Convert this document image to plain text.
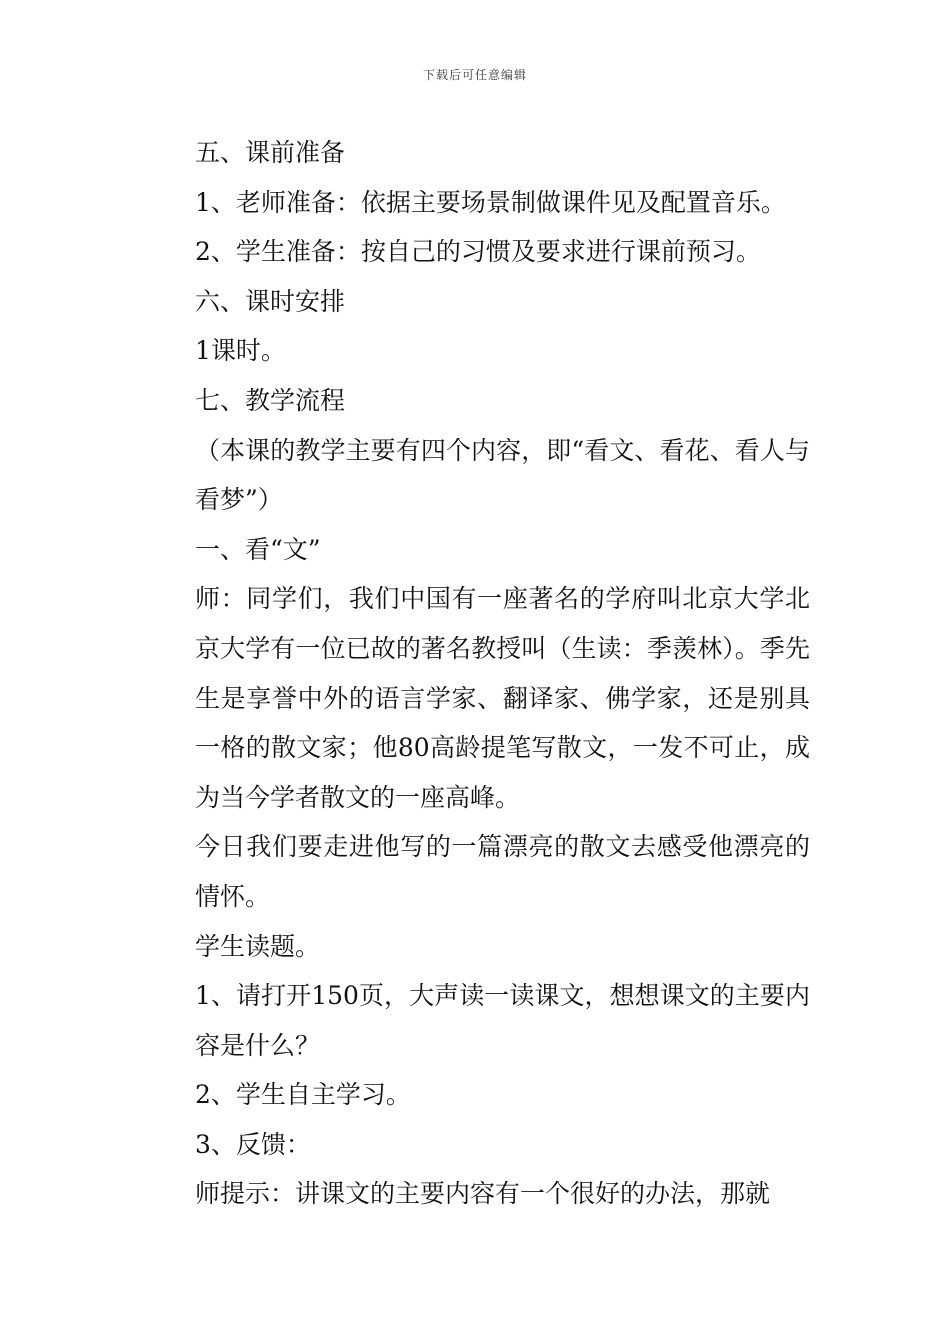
下载后可任意编辑

五、课前准备

1、老师准备：依据主要场景制做课件见及配置音乐。

2、学生准备：按自己的习惯及要求进行课前预习。

六、课时安排

1课时。

七、教学流程

（本课的教学主要有四个内容，即“看文、看花、看人与看梦”）

一、看“文”

师：同学们，我们中国有一座著名的学府叫北京大学北京大学有一位已故的著名教授叫（生读：季羡林）。季先生是享誉中外的语言学家、翻译家、佛学家，还是别具一格的散文家；他80高龄提笔写散文，一发不可止，成为当今学者散文的一座高峰。

今日我们要走进他写的一篇漂亮的散文去感受他漂亮的情怀。

学生读题。

1、请打开150页，大声读一读课文，想想课文的主要内容是什么？

2、学生自主学习。

3、反馈：

师提示：讲课文的主要内容有一个很好的办法，那就
